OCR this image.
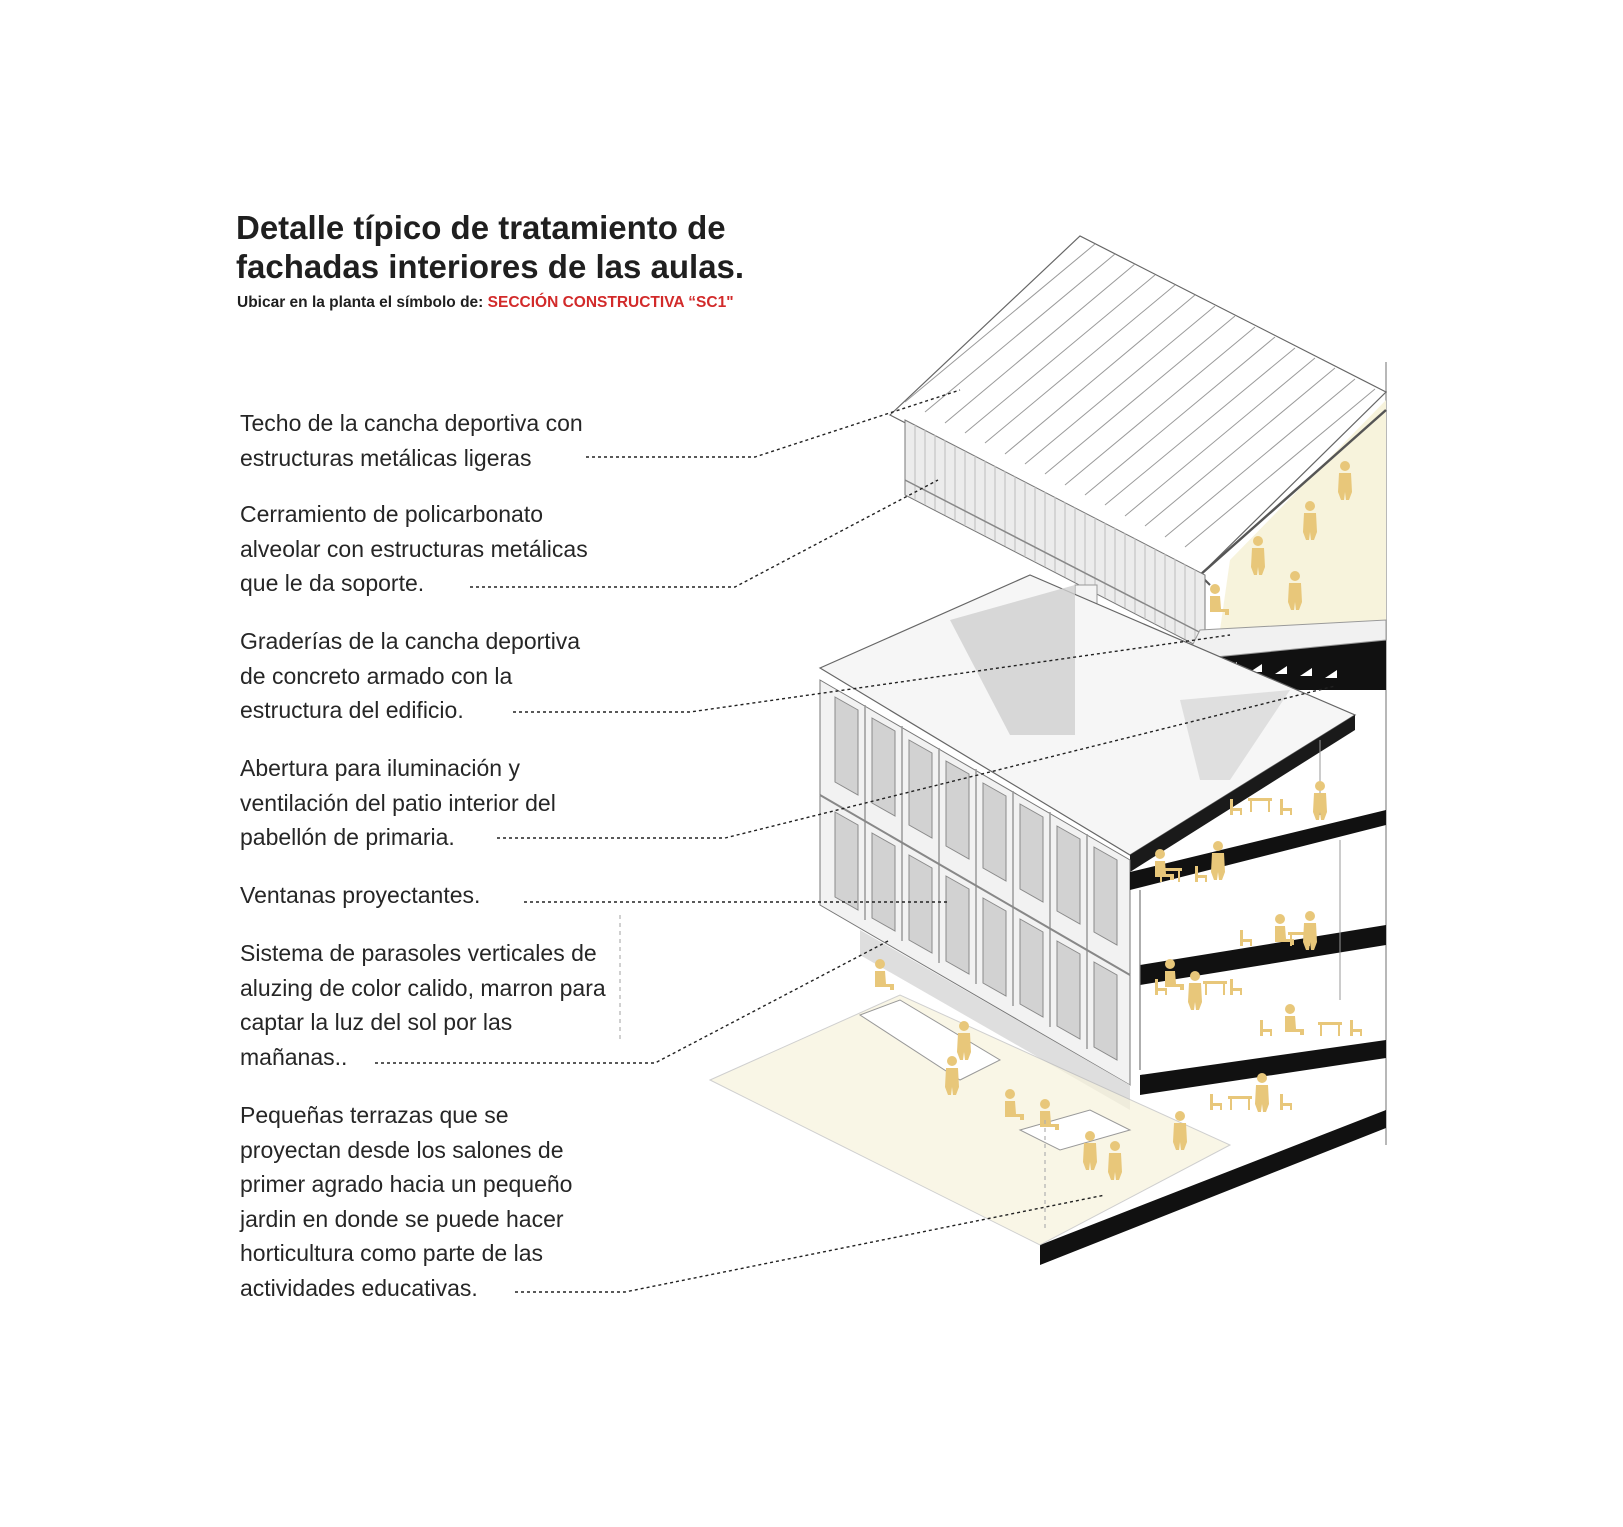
Detalle típico de tratamiento de
fachadas interiores de las aulas.
Ubicar en la planta el símbolo de: SECCIÓN CONSTRUCTIVA “SC1"
Techo de la cancha deportiva con
estructuras metálicas ligeras
Cerramiento de policarbonato
alveolar con estructuras metálicas
que le da soporte.
Graderías de la cancha deportiva
de concreto armado con la
estructura del edificio.
Abertura para iluminación y
ventilación del patio interior del
pabellón de primaria.
Ventanas proyectantes.
Sistema de parasoles verticales de
aluzing de color calido, marron para
captar la luz del sol por las
mañanas..
Pequeñas terrazas que se
proyectan desde los salones de
primer agrado hacia un pequeño
jardin en donde se puede hacer
horticultura como parte de las
actividades educativas.
